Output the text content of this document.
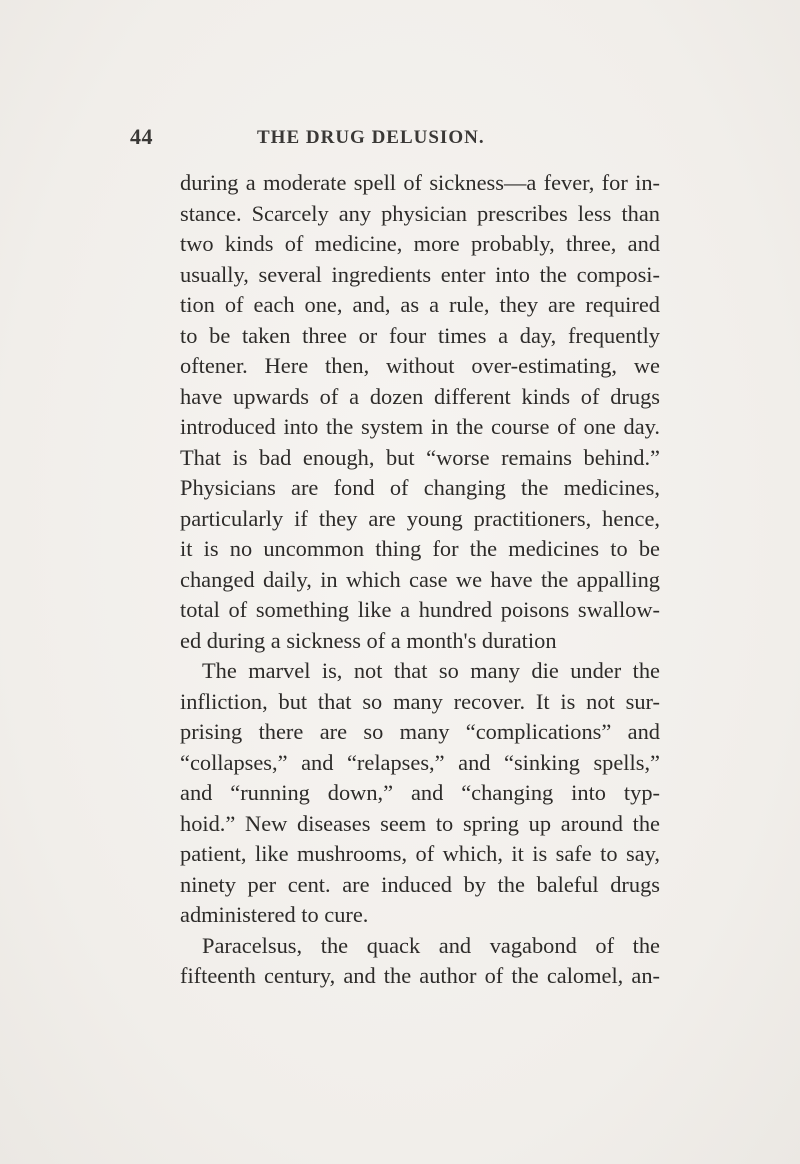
44	THE DRUG DELUSION.
during a moderate spell of sickness—a fever, for in-
stance. Scarcely any physician prescribes less than
two kinds of medicine, more probably, three, and
usually, several ingredients enter into the composi-
tion of each one, and, as a rule, they are required
to be taken three or four times a day, frequently
oftener. Here then, without over-estimating, we
have upwards of a dozen different kinds of drugs
introduced into the system in the course of one day.
That is bad enough, but “worse remains behind.”
Physicians are fond of changing the medicines,
particularly if they are young practitioners, hence,
it is no uncommon thing for the medicines to be
changed daily, in which case we have the appalling
total of something like a hundred poisons swallow-
ed during a sickness of a month's duration
The marvel is, not that so many die under the
infliction, but that so many recover. It is not sur-
prising there are so many “complications” and
“collapses,” and “relapses,” and “sinking spells,”
and “running down,” and “changing into typ-
hoid.” New diseases seem to spring up around the
patient, like mushrooms, of which, it is safe to say,
ninety per cent. are induced by the baleful drugs
administered to cure.
Paracelsus, the quack and vagabond of the
fifteenth century, and the author of the calomel, an-
